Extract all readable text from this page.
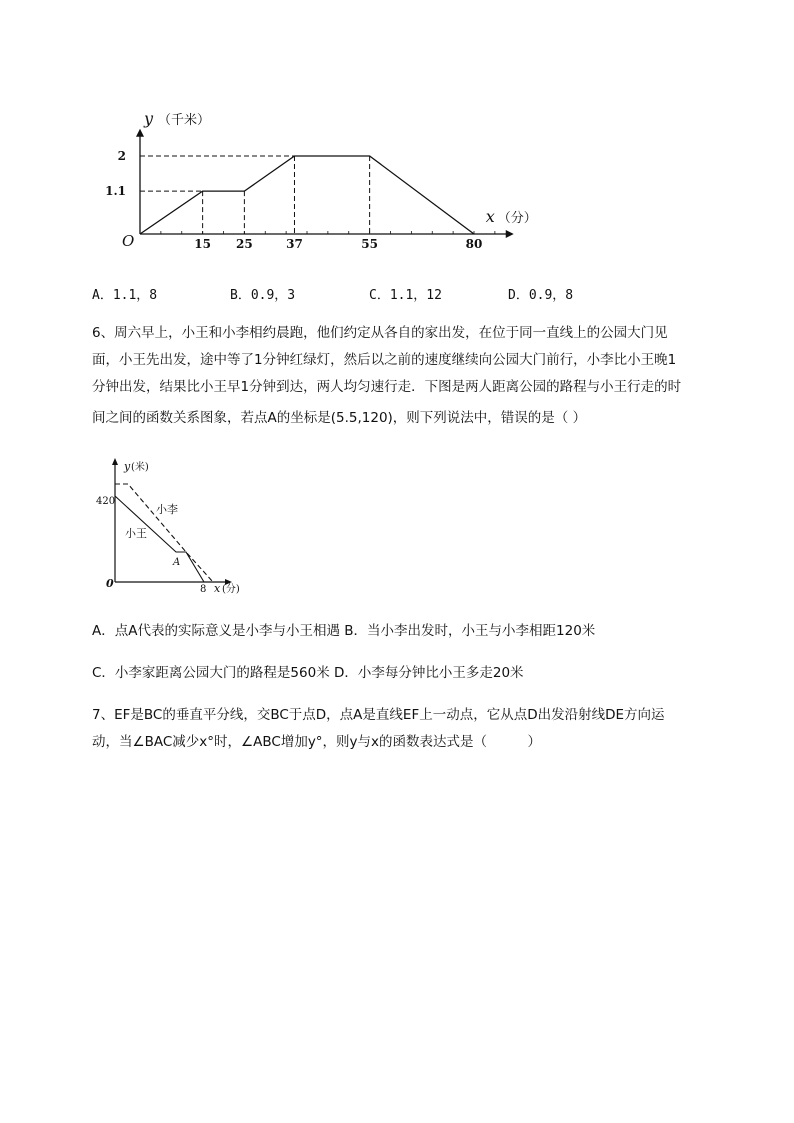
y （千米）
x （分）
O	15 25	37	55	80
1.1
2
A．1.1，8	B．0.9，3	C．1.1，12	D．0.9，8
6、周六早上，小王和小李相约晨跑，他们约定从各自的家出发，在位于同一直线上的公园大门见
面，小王先出发，途中等了1分钟红绿灯，然后以之前的速度继续向公园大门前行，小李比小王晚1
分钟出发，结果比小王早1分钟到达，两人均匀速行走．下图是两人距离公园的路程与小王行走的时
间之间的函数关系图象，若点A的坐标是(5.5,120)，则下列说法中，错误的是（ ）
y (米)
x (分)
0
420
8
小李
小王
A
A．点A代表的实际意义是小李与小王相遇 B．当小李出发时，小王与小李相距120米
C．小李家距离公园大门的路程是560米 D．小李每分钟比小王多走20米
7、EF是BC的垂直平分线，交BC于点D，点A是直线EF上一动点，它从点D出发沿射线DE方向运
动，当∠BAC减少x°时，∠ABC增加y°，则y与x的函数表达式是（　　　）
